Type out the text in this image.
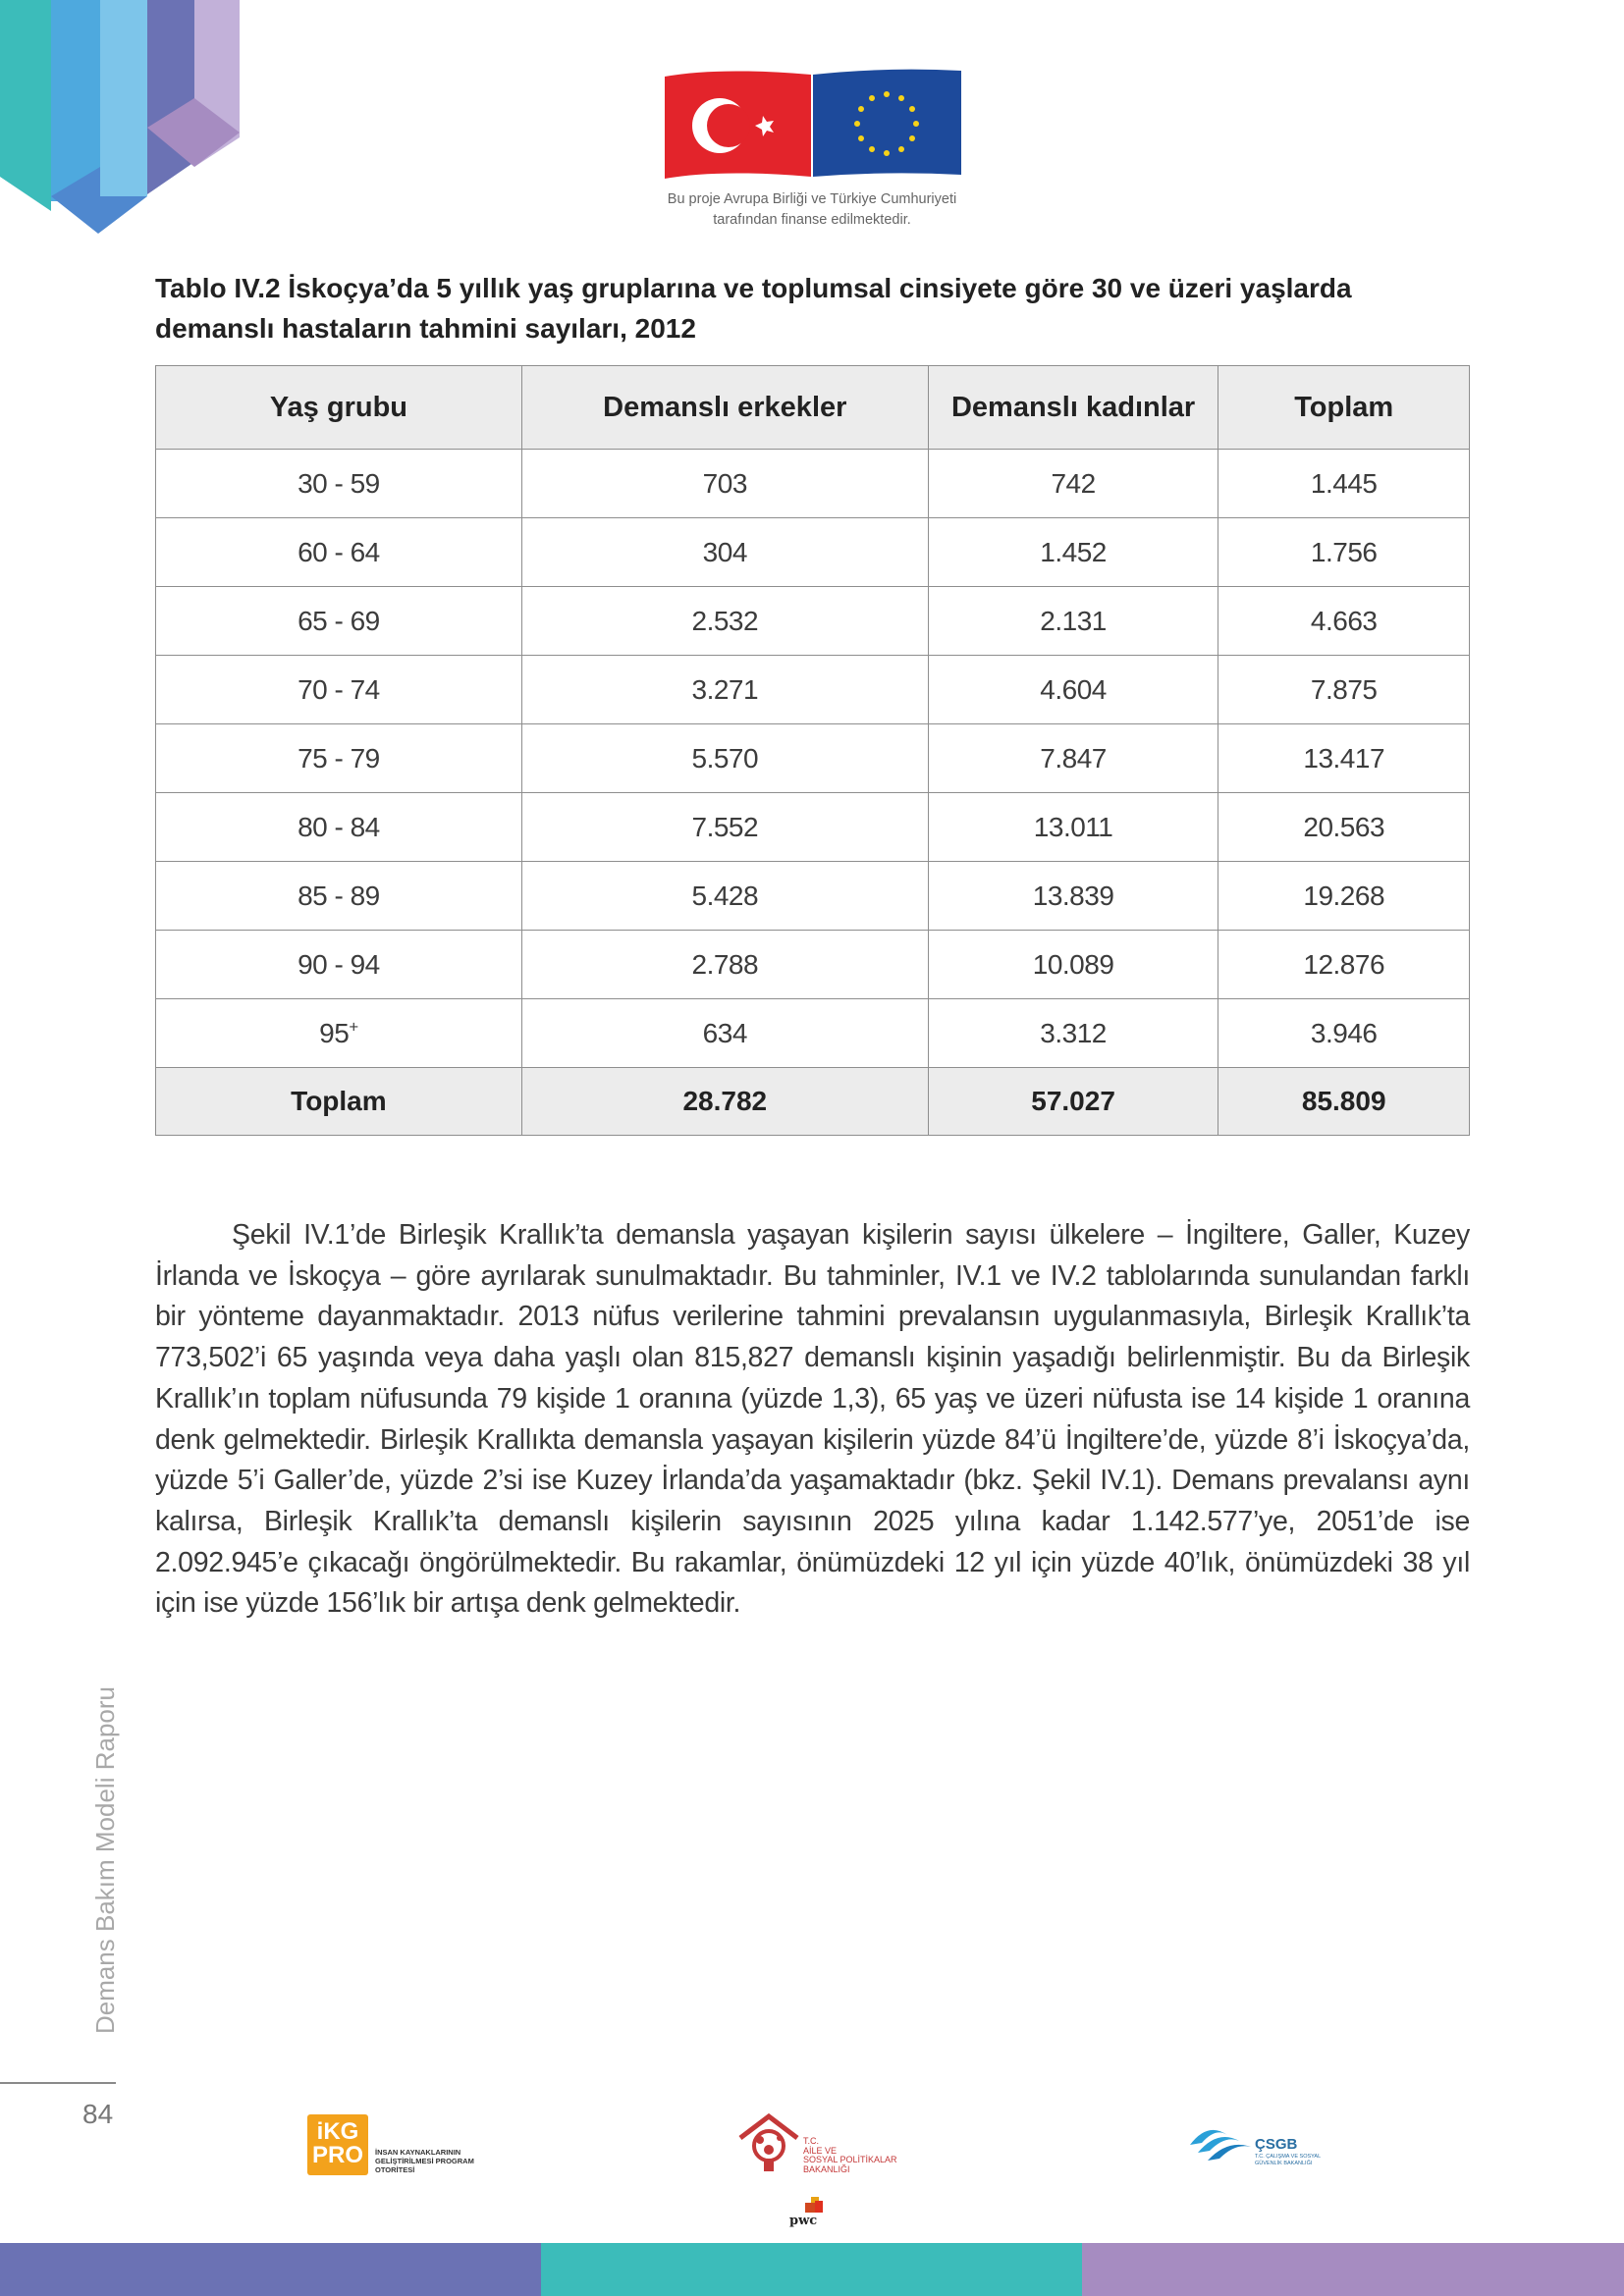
Bu proje Avrupa Birliği ve Türkiye Cumhuriyeti
tarafından finanse edilmektedir.
Tablo IV.2 İskoçya’da 5 yıllık yaş gruplarına ve toplumsal cinsiyete göre 30 ve üzeri yaşlarda demanslı hastaların tahmini sayıları, 2012
Yaş grubu	Demanslı erkekler	Demanslı kadınlar	Toplam
30 - 59	703	742	1.445
60 - 64	304	1.452	1.756
65 - 69	2.532	2.131	4.663
70 - 74	3.271	4.604	7.875
75 - 79	5.570	7.847	13.417
80 - 84	7.552	13.011	20.563
85 - 89	5.428	13.839	19.268
90 - 94	2.788	10.089	12.876
95+	634	3.312	3.946
Toplam	28.782	57.027	85.809

Şekil IV.1’de Birleşik Krallık’ta demansla yaşayan kişilerin sayısı ülkelere – İngiltere, Galler, Kuzey İrlanda ve İskoçya – göre ayrılarak sunulmaktadır. Bu tahminler, IV.1 ve IV.2 tablolarında sunulandan farklı bir yönteme dayanmaktadır. 2013 nüfus verilerine tahmini prevalansın uygulanmasıyla, Birleşik Krallık’ta 773,502’i 65 yaşında veya daha yaşlı olan 815,827 demanslı kişinin yaşadığı belirlenmiştir. Bu da Birleşik Krallık’ın toplam nüfusunda 79 kişide 1 oranına (yüzde 1,3), 65 yaş ve üzeri nüfusta ise 14 kişide 1 oranına denk gelmektedir. Birleşik Krallıkta demansla yaşayan kişilerin yüzde 84’ü İngiltere’de, yüzde 8’i İskoçya’da, yüzde 5’i Galler’de, yüzde 2’si ise Kuzey İrlanda’da yaşamaktadır (bkz. Şekil IV.1). Demans prevalansı aynı kalırsa, Birleşik Krallık’ta demanslı kişilerin sayısının 2025 yılına kadar 1.142.577’ye, 2051’de ise 2.092.945’e çıkacağı öngörülmektedir. Bu rakamlar, önümüzdeki 12 yıl için yüzde 40’lık, önümüzdeki 38 yıl için ise yüzde 156’lık bir artışa denk gelmektedir.

Demans Bakım Modeli Raporu
84
iKG
PRO	İNSAN KAYNAKLARININ GELİŞTİRİLMESİ PROGRAM OTORİTESİ
T.C.
AİLE VE
SOSYAL POLİTİKALAR
BAKANLIĞI
pwc
ÇSGB
T.C. ÇALIŞMA VE SOSYAL GÜVENLİK BAKANLIĞI
